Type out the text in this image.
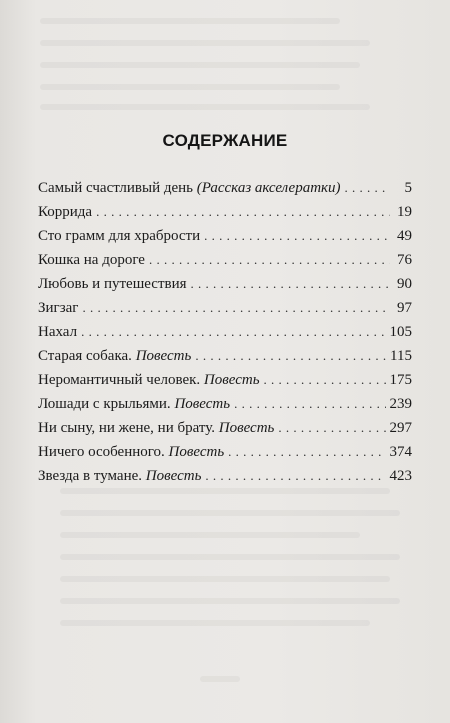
СОДЕРЖАНИЕ
Самый счастливый день (Рассказ акселератки) . . .	5
Коррида . . .	19
Сто грамм для храбрости . . .	49
Кошка на дороге . . .	76
Любовь и путешествия . . .	90
Зигзаг . . .	97
Нахал . . .	105
Старая собака. Повесть . . .	115
Неромантичный человек. Повесть . . .	175
Лошади с крыльями. Повесть . . .	239
Ни сыну, ни жене, ни брату. Повесть . . .	297
Ничего особенного. Повесть . . .	374
Звезда в тумане. Повесть . . .	423
